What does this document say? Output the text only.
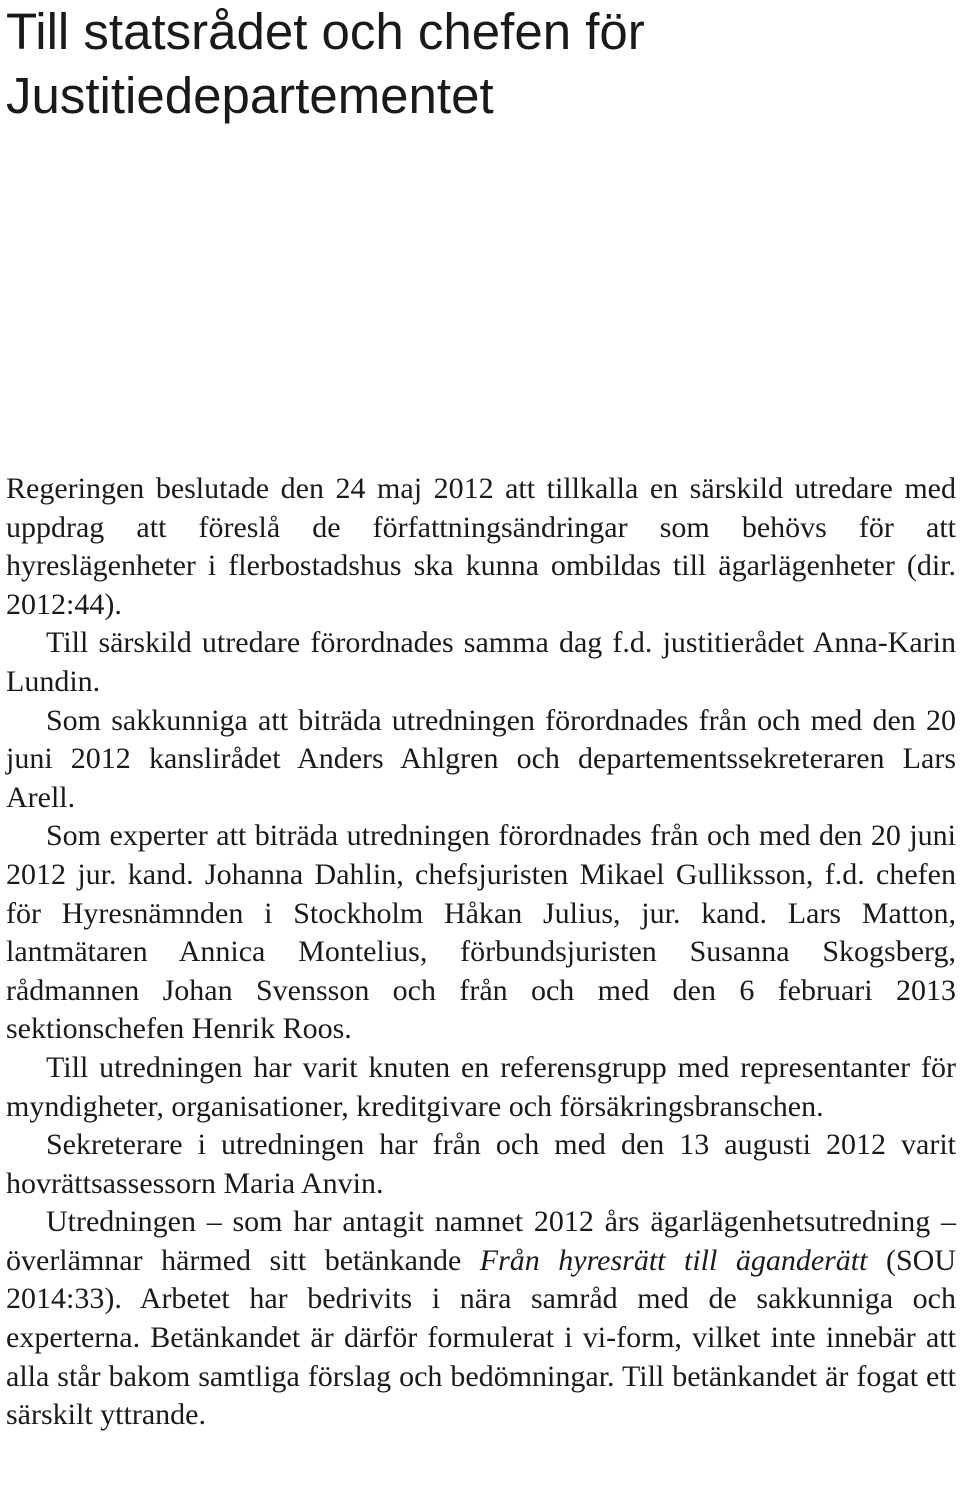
Till statsrådet och chefen för
Justitiedepartementet

Regeringen beslutade den 24 maj 2012 att tillkalla en särskild utredare med uppdrag att föreslå de författningsändringar som behövs för att hyreslägenheter i flerbostadshus ska kunna ombildas till ägarlägenheter (dir. 2012:44).

Till särskild utredare förordnades samma dag f.d. justitierådet Anna-Karin Lundin.

Som sakkunniga att biträda utredningen förordnades från och med den 20 juni 2012 kanslirådet Anders Ahlgren och departementssekreteraren Lars Arell.

Som experter att biträda utredningen förordnades från och med den 20 juni 2012 jur. kand. Johanna Dahlin, chefsjuristen Mikael Gulliksson, f.d. chefen för Hyresnämnden i Stockholm Håkan Julius, jur. kand. Lars Matton, lantmätaren Annica Montelius, förbundsjuristen Susanna Skogsberg, rådmannen Johan Svensson och från och med den 6 februari 2013 sektionschefen Henrik Roos.

Till utredningen har varit knuten en referensgrupp med representanter för myndigheter, organisationer, kreditgivare och försäkringsbranschen.

Sekreterare i utredningen har från och med den 13 augusti 2012 varit hovrättsassessorn Maria Anvin.

Utredningen – som har antagit namnet 2012 års ägarlägenhetsutredning – överlämnar härmed sitt betänkande Från hyresrätt till äganderätt (SOU 2014:33). Arbetet har bedrivits i nära samråd med de sakkunniga och experterna. Betänkandet är därför formulerat i vi-form, vilket inte innebär att alla står bakom samtliga förslag och bedömningar. Till betänkandet är fogat ett särskilt yttrande.
